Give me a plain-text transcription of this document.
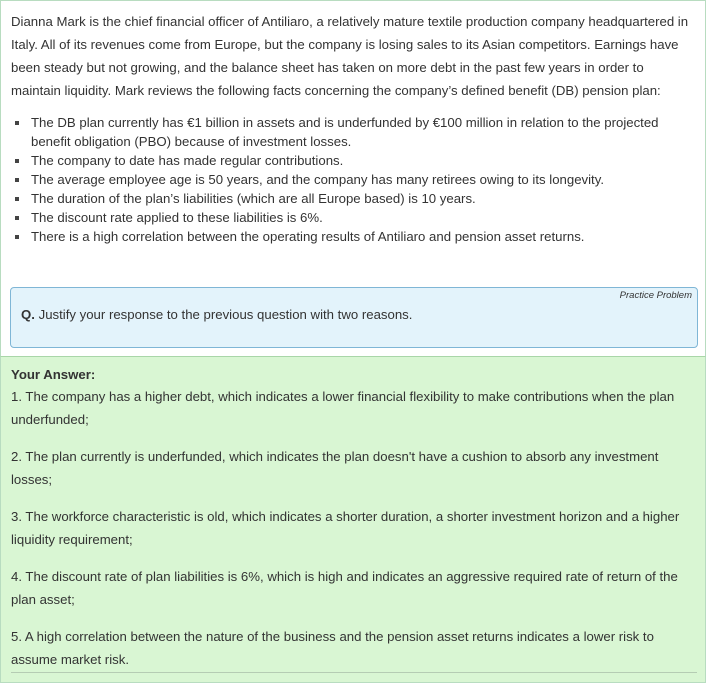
Dianna Mark is the chief financial officer of Antiliaro, a relatively mature textile production company headquartered in Italy. All of its revenues come from Europe, but the company is losing sales to its Asian competitors. Earnings have been steady but not growing, and the balance sheet has taken on more debt in the past few years in order to maintain liquidity. Mark reviews the following facts concerning the company’s defined benefit (DB) pension plan:

The DB plan currently has €1 billion in assets and is underfunded by €100 million in relation to the projected benefit obligation (PBO) because of investment losses.
The company to date has made regular contributions.
The average employee age is 50 years, and the company has many retirees owing to its longevity.
The duration of the plan’s liabilities (which are all Europe based) is 10 years.
The discount rate applied to these liabilities is 6%.
There is a high correlation between the operating results of Antiliaro and pension asset returns.
Practice Problem
Q. Justify your response to the previous question with two reasons.
Your Answer:

1. The company has a higher debt, which indicates a lower financial flexibility to make contributions when the plan underfunded;

2. The plan currently is underfunded, which indicates the plan doesn't have a cushion to absorb any investment losses;

3. The workforce characteristic is old, which indicates a shorter duration, a shorter investment horizon and a higher liquidity requirement;

4. The discount rate of plan liabilities is 6%, which is high and indicates an aggressive required rate of return of the plan asset;

5. A high correlation between the nature of the business and the pension asset returns indicates a lower risk to assume market risk.
